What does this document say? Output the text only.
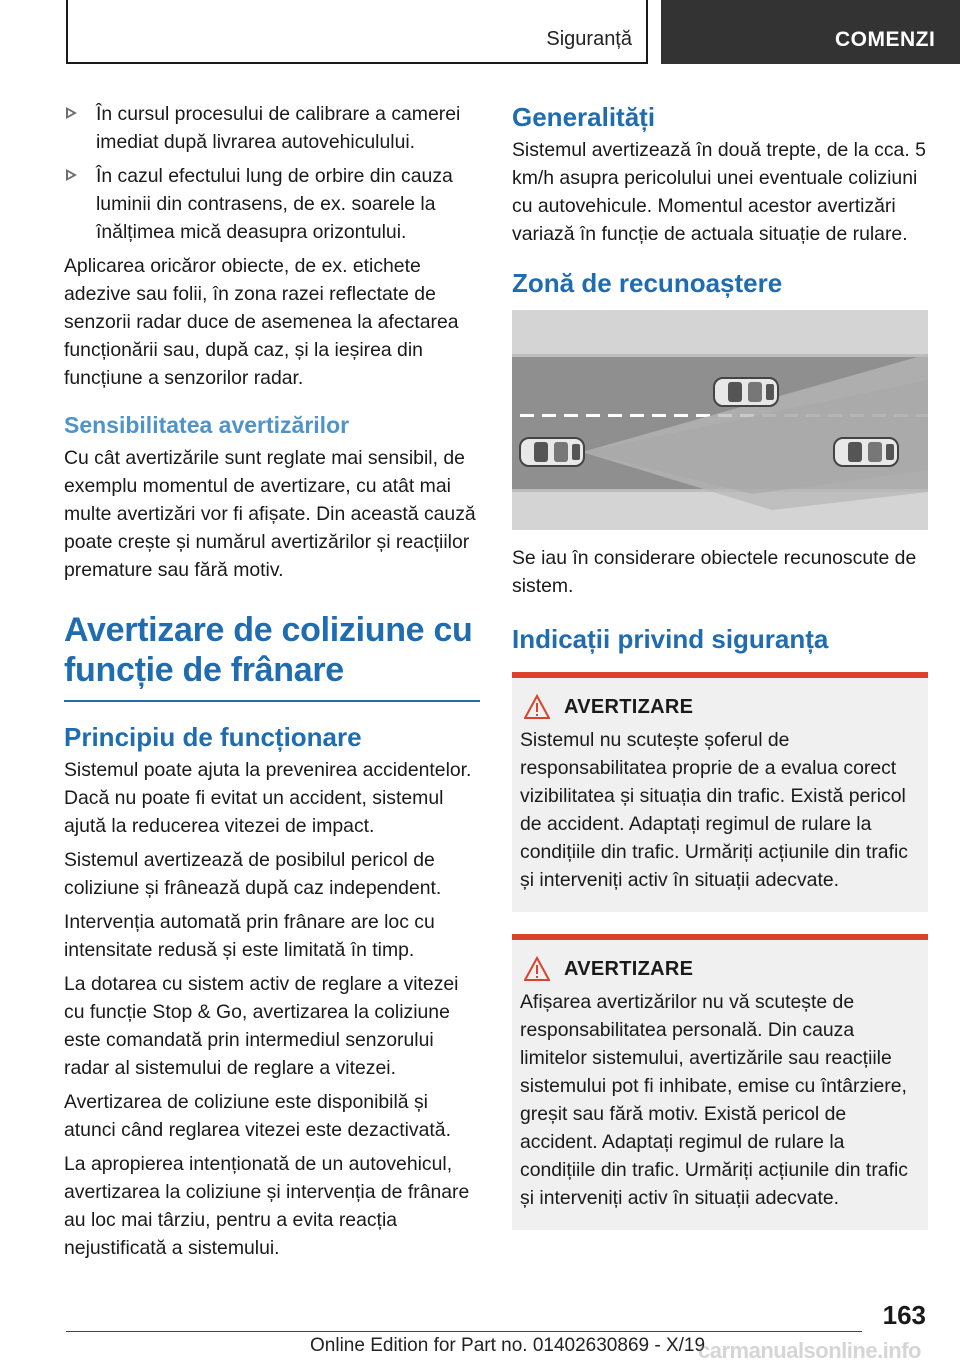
Siguranță	COMENZI
În cursul procesului de calibrare a camerei imediat după livrarea autovehiculului.
În cazul efectului lung de orbire din cauza luminii din contrasens, de ex. soarele la înălțimea mică deasupra orizontului.

Aplicarea oricăror obiecte, de ex. etichete adezive sau folii, în zona razei reflectate de senzorii radar duce de asemenea la afectarea funcționării sau, după caz, și la ieșirea din funcțiune a senzorilor radar.

Sensibilitatea avertizărilor

Cu cât avertizările sunt reglate mai sensibil, de exemplu momentul de avertizare, cu atât mai multe avertizări vor fi afișate. Din această cauză poate crește și numărul avertizărilor și reacțiilor premature sau fără motiv.

Avertizare de coliziune cu funcție de frânare
Principiu de funcționare

Sistemul poate ajuta la prevenirea accidentelor. Dacă nu poate fi evitat un accident, sistemul ajută la reducerea vitezei de impact.

Sistemul avertizează de posibilul pericol de coliziune și frânează după caz independent.

Intervenția automată prin frânare are loc cu intensitate redusă și este limitată în timp.

La dotarea cu sistem activ de reglare a vitezei cu funcție Stop & Go, avertizarea la coliziune este comandată prin intermediul senzorului radar al sistemului de reglare a vitezei.

Avertizarea de coliziune este disponibilă și atunci când reglarea vitezei este dezactivată.

La apropierea intenționată de un autovehicul, avertizarea la coliziune și intervenția de frânare au loc mai târziu, pentru a evita reacția nejustificată a sistemului.

Generalități

Sistemul avertizează în două trepte, de la cca. 5 km/h asupra pericolului unei eventuale coliziuni cu autovehicule. Momentul acestor avertizări variază în funcție de actuala situație de rulare.

Zonă de recunoaștere

Se iau în considerare obiectele recunoscute de sistem.

Indicații privind siguranța
AVERTIZARE

Sistemul nu scutește șoferul de responsabilitatea proprie de a evalua corect vizibilitatea și situația din trafic. Există pericol de accident. Adaptați regimul de rulare la condițiile din trafic. Urmăriți acțiunile din trafic și interveniți activ în situații adecvate.

AVERTIZARE

Afișarea avertizărilor nu vă scutește de responsabilitatea personală. Din cauza limitelor sistemului, avertizările sau reacțiile sistemului pot fi inhibate, emise cu întârziere, greșit sau fără motiv. Există pericol de accident. Adaptați regimul de rulare la condițiile din trafic. Urmăriți acțiunile din trafic și interveniți activ în situații adecvate.

163
Online Edition for Part no. 01402630869 - X/19
carmanualsonline.info
